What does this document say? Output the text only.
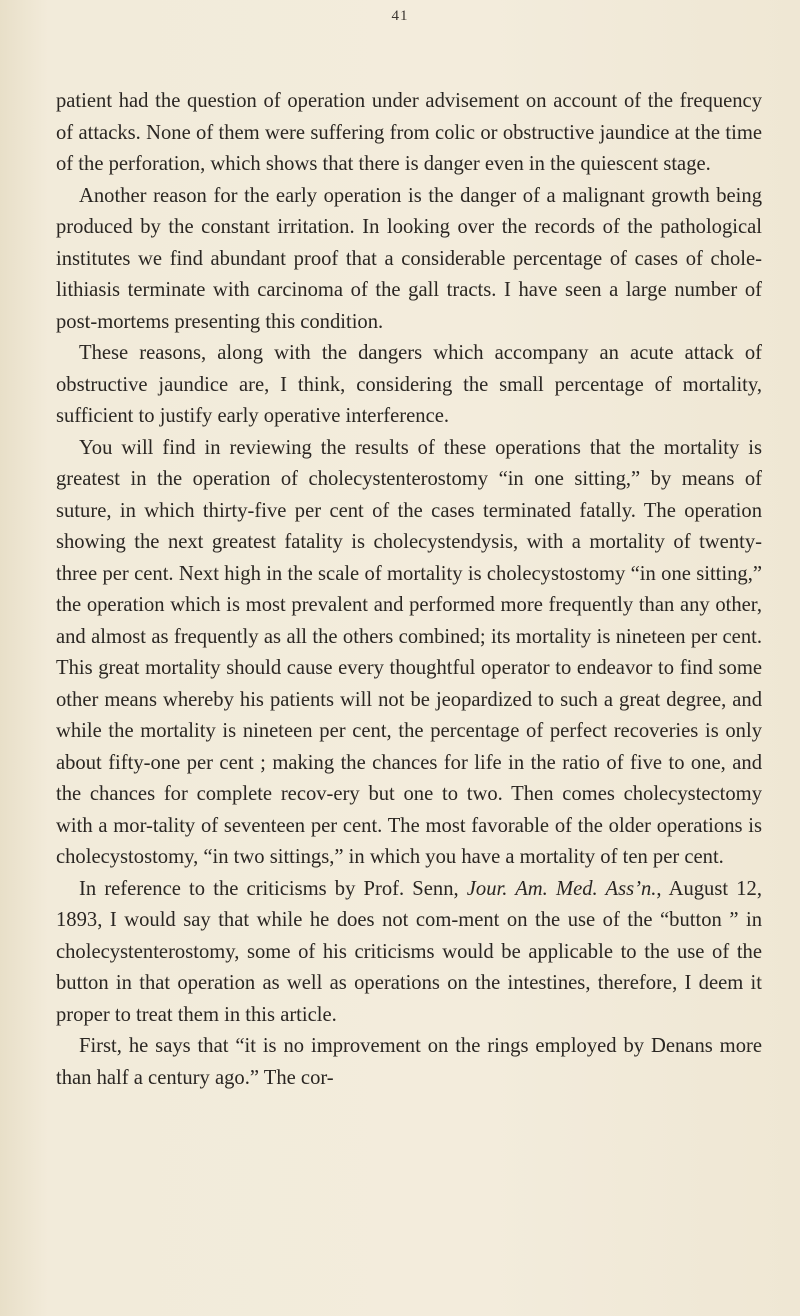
41

patient had the question of operation under advisement on account of the frequency of attacks. None of them were suffering from colic or obstructive jaundice at the time of the perforation, which shows that there is danger even in the quiescent stage.

Another reason for the early operation is the danger of a malignant growth being produced by the constant irritation. In looking over the records of the pathological institutes we find abundant proof that a considerable percentage of cases of chole-lithiasis terminate with carcinoma of the gall tracts. I have seen a large number of post-mortems presenting this condition.

These reasons, along with the dangers which accompany an acute attack of obstructive jaundice are, I think, considering the small percentage of mortality, sufficient to justify early operative interference.

You will find in reviewing the results of these operations that the mortality is greatest in the operation of cholecystenterostomy “in one sitting,” by means of suture, in which thirty-five per cent of the cases terminated fatally. The operation showing the next greatest fatality is cholecystendysis, with a mortality of twenty-three per cent. Next high in the scale of mortality is cholecystostomy “in one sitting,” the operation which is most prevalent and performed more frequently than any other, and almost as frequently as all the others combined; its mortality is nineteen per cent. This great mortality should cause every thoughtful operator to endeavor to find some other means whereby his patients will not be jeopardized to such a great degree, and while the mortality is nineteen per cent, the percentage of perfect recoveries is only about fifty-one per cent ; making the chances for life in the ratio of five to one, and the chances for complete recov-ery but one to two. Then comes cholecystectomy with a mor-tality of seventeen per cent. The most favorable of the older operations is cholecystostomy, “in two sittings,” in which you have a mortality of ten per cent.

In reference to the criticisms by Prof. Senn, Jour. Am. Med. Ass’n., August 12, 1893, I would say that while he does not com-ment on the use of the “button ” in cholecystenterostomy, some of his criticisms would be applicable to the use of the button in that operation as well as operations on the intestines, therefore, I deem it proper to treat them in this article.

First, he says that “it is no improvement on the rings employed by Denans more than half a century ago.” The cor-
